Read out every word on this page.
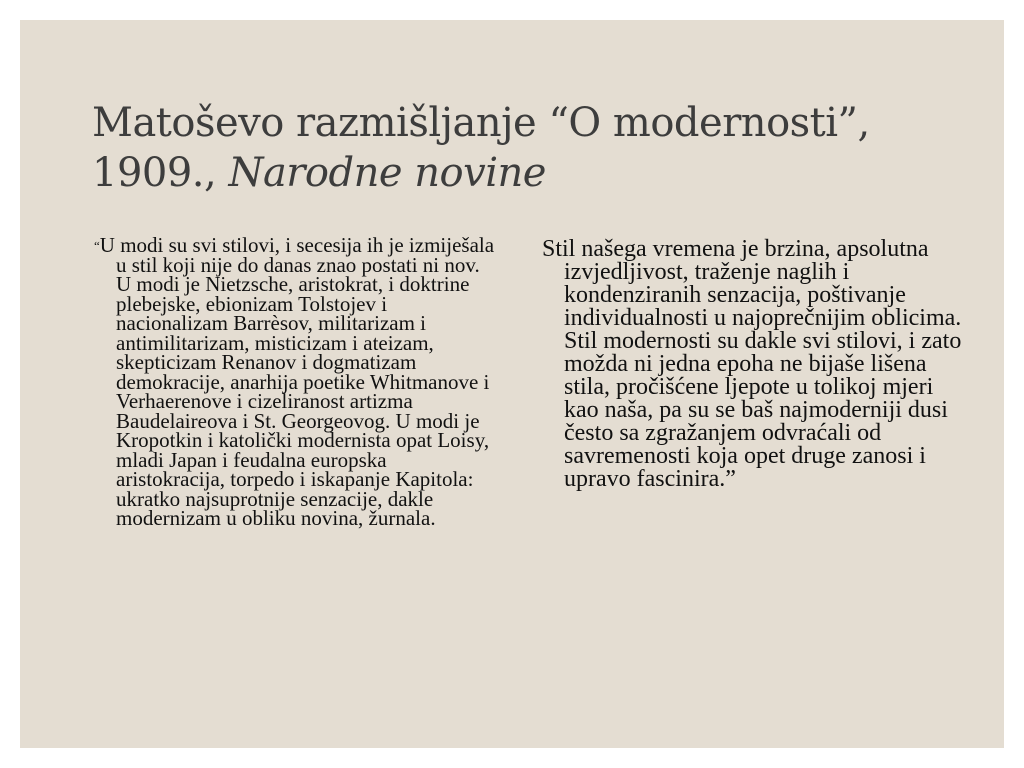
Matoševo razmišljanje “O modernosti”, 1909., Narodne novine

“U modi su svi stilovi, i secesija ih je izmiješala u stil koji nije do danas znao postati ni nov. U modi je Nietzsche, aristokrat, i doktrine plebejske, ebionizam Tolstojev i nacionalizam Barrèsov, militarizam i antimilitarizam, misticizam i ateizam, skepticizam Renanov i dogmatizam demokracije, anarhija poetike Whitmanove i Verhaerenove i cizeliranost artizma Baudelaireova i St. Georgeovog. U modi je Kropotkin i katolički modernista opat Loisy, mladi Japan i feudalna europska aristokracija, torpedo i iskapanje Kapitola: ukratko najsuprotnije senzacije, dakle modernizam u obliku novina, žurnala.

Stil našega vremena je brzina, apsolutna izvjedljivost, traženje naglih i kondenziranih senzacija, poštivanje individualnosti u najoprečnijim oblicima. Stil modernosti su dakle svi stilovi, i zato možda ni jedna epoha ne bijaše lišena stila, pročišćene ljepote u tolikoj mjeri kao naša, pa su se baš najmoderniji dusi često sa zgražanjem odvraćali od savremenosti koja opet druge zanosi i upravo fascinira.”
